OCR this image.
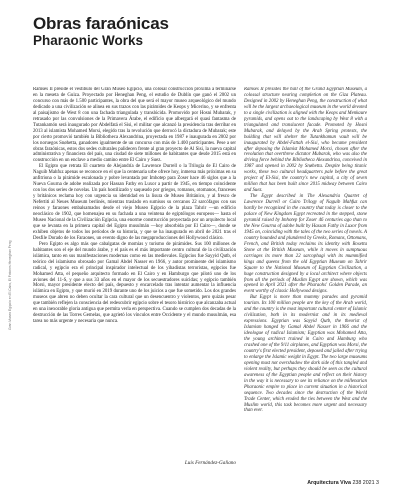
Obras faraónicas
Pharaonic Works
Gran Museo Egipcio en El Cairo, El Fotones Heneghan Peng

Ramsés II preside el vestíbulo del Gran Museo Egipcio, una colosal construcción próxima a terminarse en la meseta de Guiza. Proyectado por Heneghan Peng, el estudio de Dublín que ganó el 2002 un concurso con más de 1.500 participantes, la obra del que será el mayor museo arqueológico del mundo dedicado a una civilización se alinea en sus trazos con las pirámides de Keops y Micerino, y se enfrenta al paisajismo de West 8 con una fachada triangulada y translúcida. Promovido por Hosni Mubarak, y retrasado por las convulsiones de la Primavera Árabe, el edificio que albergará el quasi fantasma de Tutankamón será inaugurado por Abdelfatá el Sisi, el militar que alcanzó la presidencia tras derribar en 2013 al islamista Mohamed Morsi, elegido tras la revolución que derrocó la dictadura de Mubarak; este por cierto promovió también la Bibliotheca Alexandrina, proyectada en 1987 e inaugurada en 2002 por los noruegos Snøhetta, ganadores igualmente de un concurso con más de 1.400 participantes. Pese a ser obras faraónicas, estos dos sedes culturales palidecen frente al gran proyecto de Al Sisi, la nueva capital administrativa y financiera del país, una ciudad de siete millones de habitantes que desde 2015 está en construcción en un enclave a medio camino entre El Cairo y Suez.

El Egipto que retrata El cuarteto de Alejandría de Lawrence Durrell o la Trilogía de El Cairo de Naguib Mahfuz apenas se reconoce en el que la centenaria urbe ofrece hoy, inmersa más próximas en su anfitriona o la pirámide escalonada y pobre levantada por Imhotep para Zoser hace 46 siglos que a la Nueva Gourna de adobe realizada por Hassan Fathy en Luxor a partir de 1945, en tiempo coincidente con los dos series de novelas. Un país hostilizado y saqueado por griegos, romanos, otomanos, franceses y británicos reclama hoy con urgencia su identidad en la lisura de Museo Británico, y al fresco de Nefertiti al Neues Museum berlinés, mientras traslado en sumisos su cercanos 22 sarcófagos con sus reinos y faraones embalsamados desde el viejo Museo Egipcio de la plaza Tahrir —un edificio neoclásico de 1902, que homenajea en su fachada a una veintena de egiptólogos europeos— hasta el Museo Nacional de la Civilización Egipcia, una enorme construcción proyectada por un arquitecto local que se levanta en la primera capital del Egipto musulmán —hoy absorbida por El Cairo—, donde se exhiben objetos de todos los períodos de su historia, y que se ha inaugurado en abril de 2021 tras el Desfile Dorado de los Faraones, un evento digno de las megaproducciones del Hollywood clásico.

Pero Egipto es algo más que cabalgatas de momias y turismo de pirámides. Sus 100 millones de habitantes son el eje del mundo árabe, y el país es el más importante centro cultural de la civilización islámica, tanto en sus manifestaciones modernas como en las medievales. Egipcios fue Sayyid Qutb, el teórico del islamismo obrosado por Gamal Abdel Nasser en 1966, y autor prominente del islamismo radical, y egipcio era el principal inspirador intelectual de los yihadistas terroristas, egipcios fue Mohamed Atta, el pequeño arquitecto formado en El Cairo y en Hamburgo que pilotó uno de los aviones del 11-S, y que a sus 33 años en el mayor de los secuestradores suicidas; y egipcio también Morsi, mayor presidente electo del país, depuesto y encarcelado tras intentar aumentar la influencia islámica en Egipto, y que murió en 2019 durante uno de los juicios a que fue sometido. Los dos grandes museos que abren no deben ocultar la cara cultural que un desencuentro y violentos, pero quizás pesar que también reflejen la consciencia del redescubrir egipcio sobre el tesoro histórico que alcanzaba actual en una inexorable gloria antigua que permita verla en perspectiva. Cuando se cumplen dos decadas de la destrucción de las Torres Gemelas, que agrietó los vínculos entre Occidente y el mundo musulmán, esa tarea no más urgente y necesaria que nunca.

Ramses II presides the hall of the Grand Egyptian Museum, a colossal structure nearing completion on the Giza Plateau. Designed in 2002 by Heneghan Peng, the construction of what will be the largest archaeological museum in the world devoted to a single civilization is aligned with the Keops and Menkaure pyramids, and opens out to the landscaping by West 8 with a triangulated and translucent facade. Promoted by Hosni Mubarak, and delayed by the Arab Spring protests, the building that will shelter the Tutankhamun vault will be inaugurated by Abdel-Fattah el-Sisi, who became president after deposing the Islamist Mohamed Morsi, chosen after the revolution that overthrew dictator Mubarak, who was also the driving force behind the Bibliotheca Alexandrina, conceived in 1987 and opened in 2002 by Snøhetta. Despite being titanic works, these two cultural headquarters pale before the great project of El-Sisi, the country's new capital, a city of seven million that has been built since 2015 midway between Cairo and Suez.

The Egypt described in The Alexandria Quartet of Lawrence Durrell or Cairo Trilogy of Naguib Mahfuz can hardly be recognized in the country that today is closer to the palace of New Kingdom Egypt recreated in the stepped, stone pyramid raised by Imhotep for Zoser 46 centuries ago than to the New Gourna of adobe built by Hassan Fathy in Luxor from 1945 on, coinciding with the tales of the two series of novels. A country hounded and plundered by Greeks, Romans, Ottomans, French, and British today reclaims its identity with Rosetta Stone at the British Museum, while it moves in sumptuous carriages its more than 22 sarcophagi with its mummified kings and queens from the old Egyptian Museum on Tahrir Square to the National Museum of Egyptian Civilization, a huge construction designed by a local architect where objects from all the periods of Muslim Egypt are shown, which was opened in April 2021 after the Pharaohs' Golden Parade, an event worthy of classic Hollywood designs.

But Egypt is more than mummy parades and pyramid tourism. Its 100 million people are the key of the Arab world, and the country is the most important cultural center of Islamic civilization, both in its modernist and in its medieval expressions. Egyptian was Sayyid Qutb, the theorist of Islamism hanged by Gamal Abdel Nasser in 1966 and the ideologue of radical Islamism; Egyptian was Mohamed Atta, the young architect trained in Cairo and Hamburg who crashed one of the 9/11 airplanes, and Egyptian was Morsi, the country's first elected president, deposed and jailed after trying to enlarge the Islamic weight in Egypt. The two large museums opening must not overshadow the dark side of this tangled and violent reality, but perhaps they should be seen as the cultural awareness of the Egyptian people and reflect on their history in the way it is necessary to see its reliance on the millenarian Pharaonic empire to place in current situation in a historical sequence. Two decades since the destruction of the World Trade Center, which eroded the ties between the West and the Muslim world, this task becomes more urgent and necessary than ever.

Luis Fernández-Galiano
Arquitectura Viva 238 2021 3
